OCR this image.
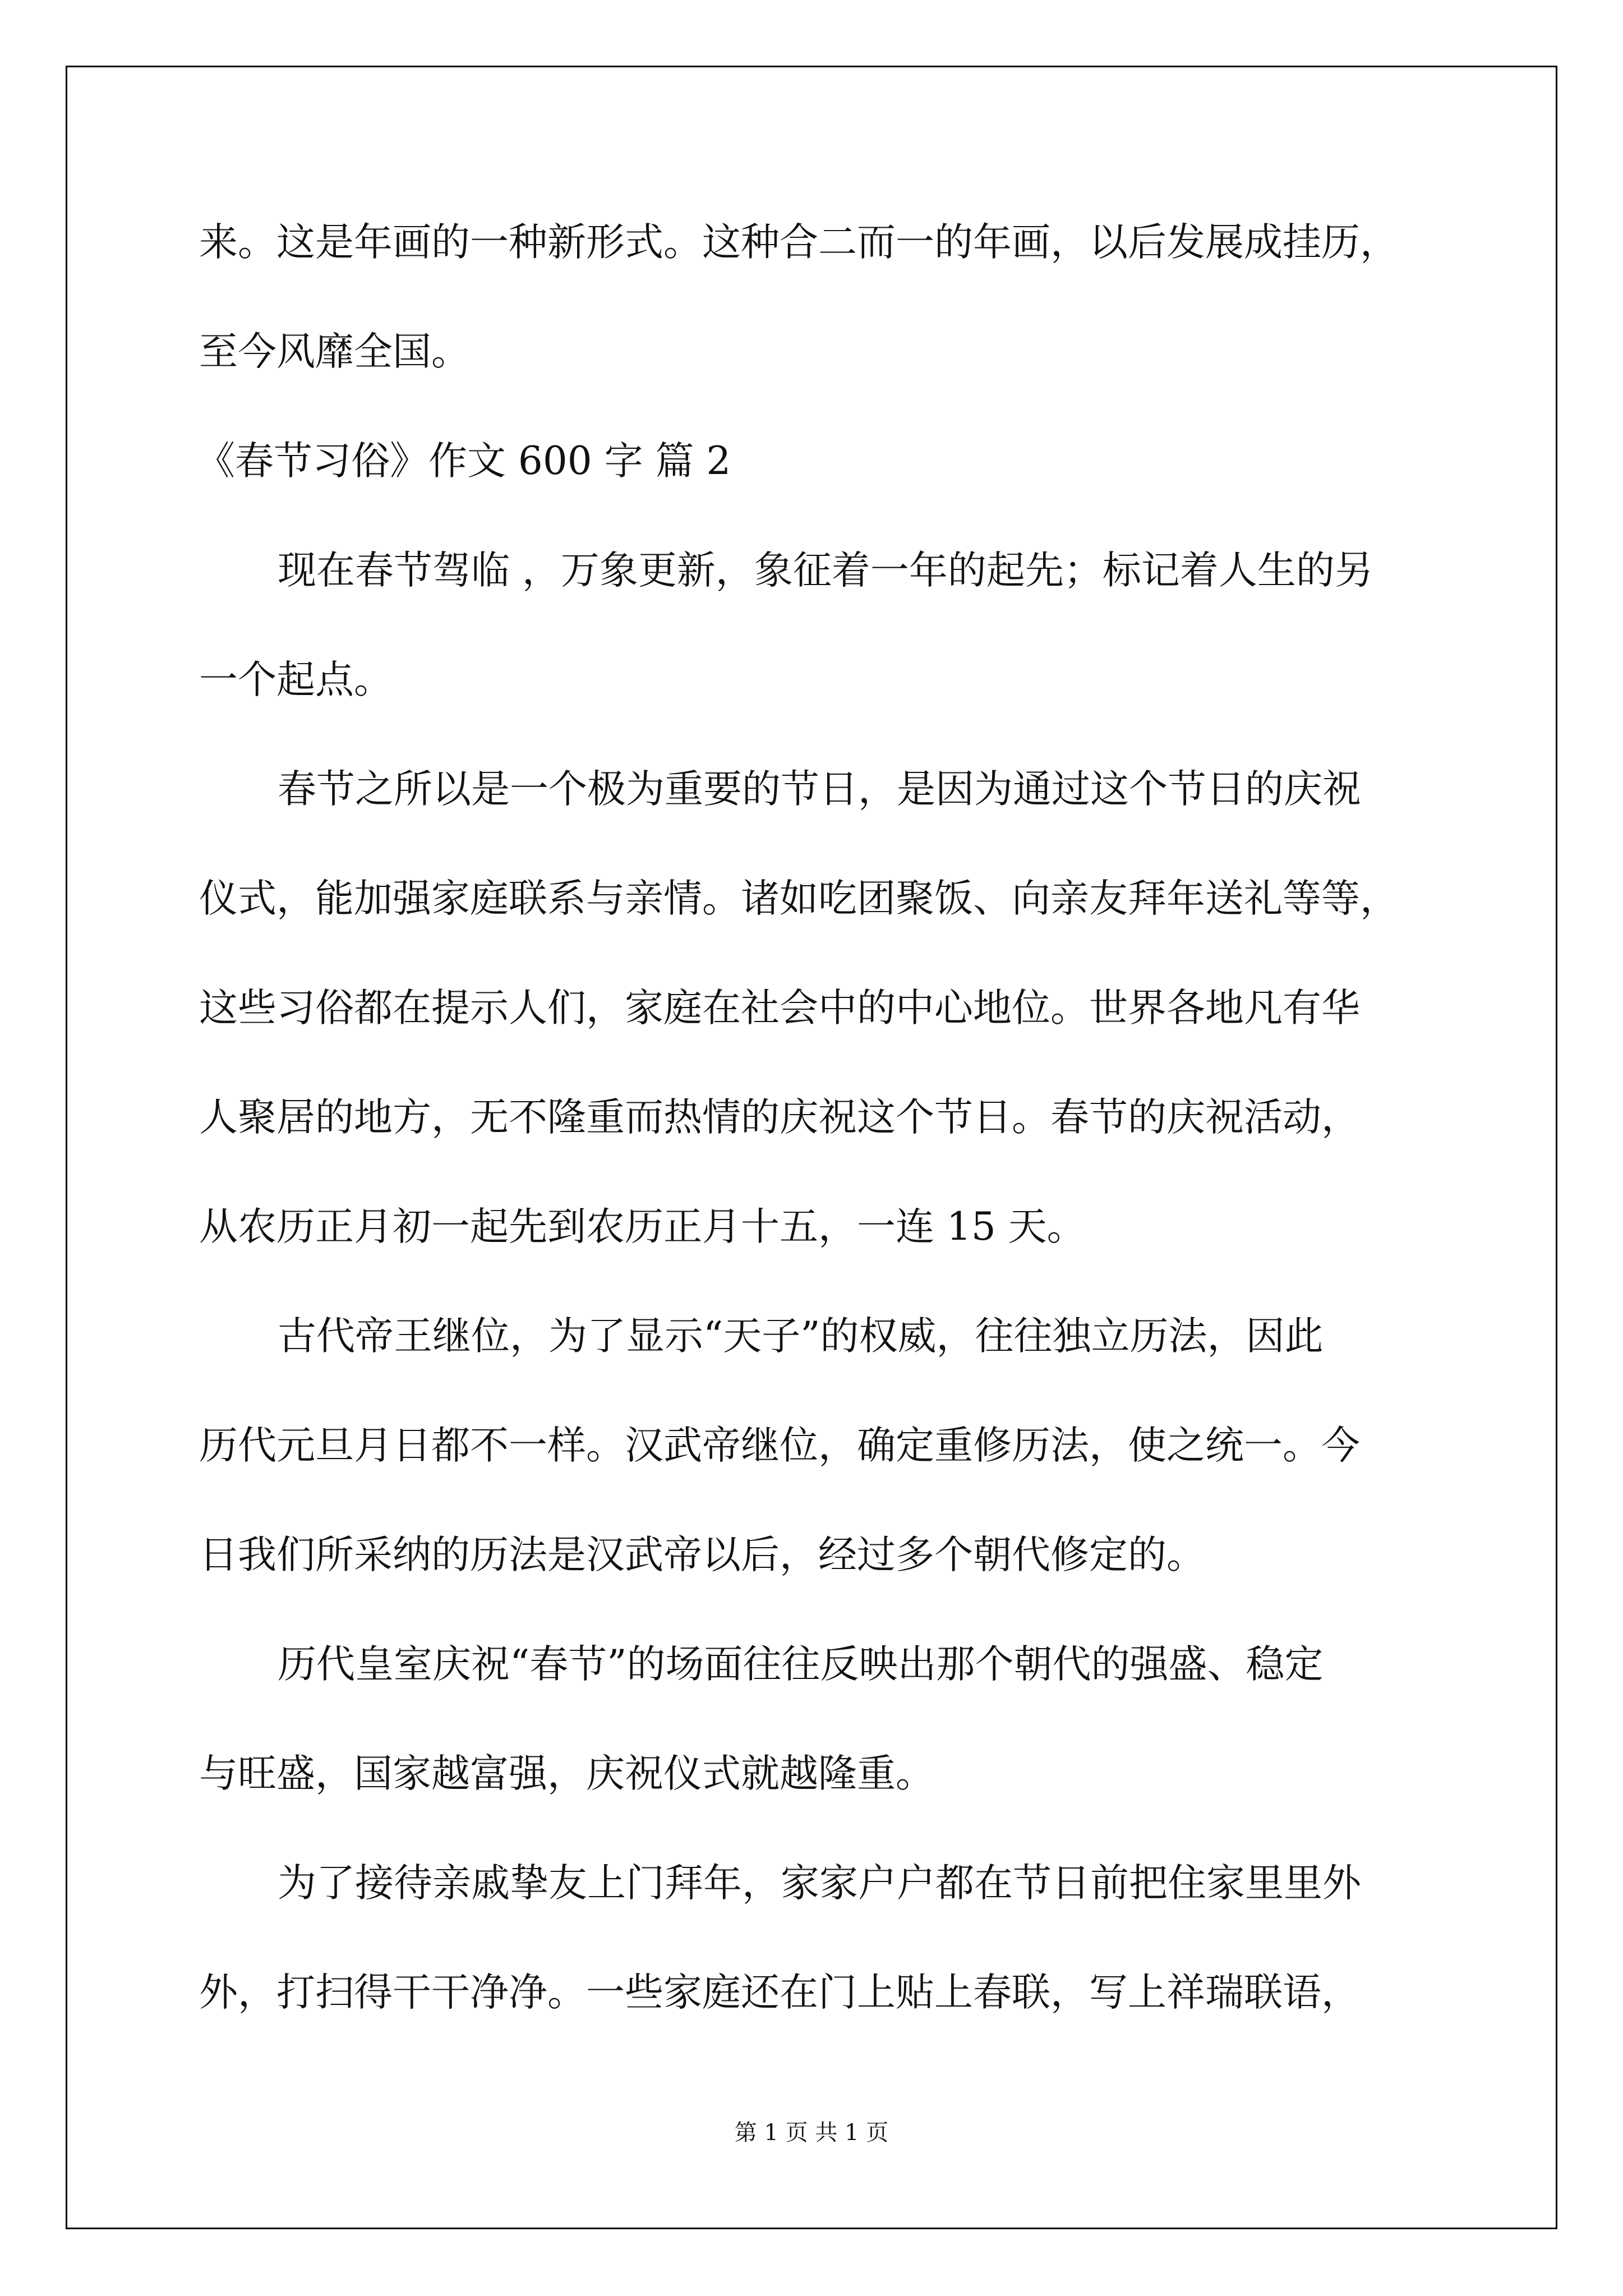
来。这是年画的一种新形式。这种合二而一的年画，以后发展成挂历，
至今风靡全国。
《春节习俗》作文 600 字 篇 2
现在春节驾临 ，万象更新，象征着一年的起先；标记着人生的另
一个起点。
春节之所以是一个极为重要的节日，是因为通过这个节日的庆祝
仪式，能加强家庭联系与亲情。诸如吃团聚饭、向亲友拜年送礼等等，
这些习俗都在提示人们，家庭在社会中的中心地位。世界各地凡有华
人聚居的地方，无不隆重而热情的庆祝这个节日。春节的庆祝活动，
从农历正月初一起先到农历正月十五，一连 15 天。
古代帝王继位，为了显示“天子”的权威，往往独立历法，因此
历代元旦月日都不一样。汉武帝继位，确定重修历法，使之统一。今
日我们所采纳的历法是汉武帝以后，经过多个朝代修定的。
历代皇室庆祝“春节”的场面往往反映出那个朝代的强盛、稳定
与旺盛，国家越富强，庆祝仪式就越隆重。
为了接待亲戚挚友上门拜年，家家户户都在节日前把住家里里外
外，打扫得干干净净。一些家庭还在门上贴上春联，写上祥瑞联语，
第 1 页 共 1 页
